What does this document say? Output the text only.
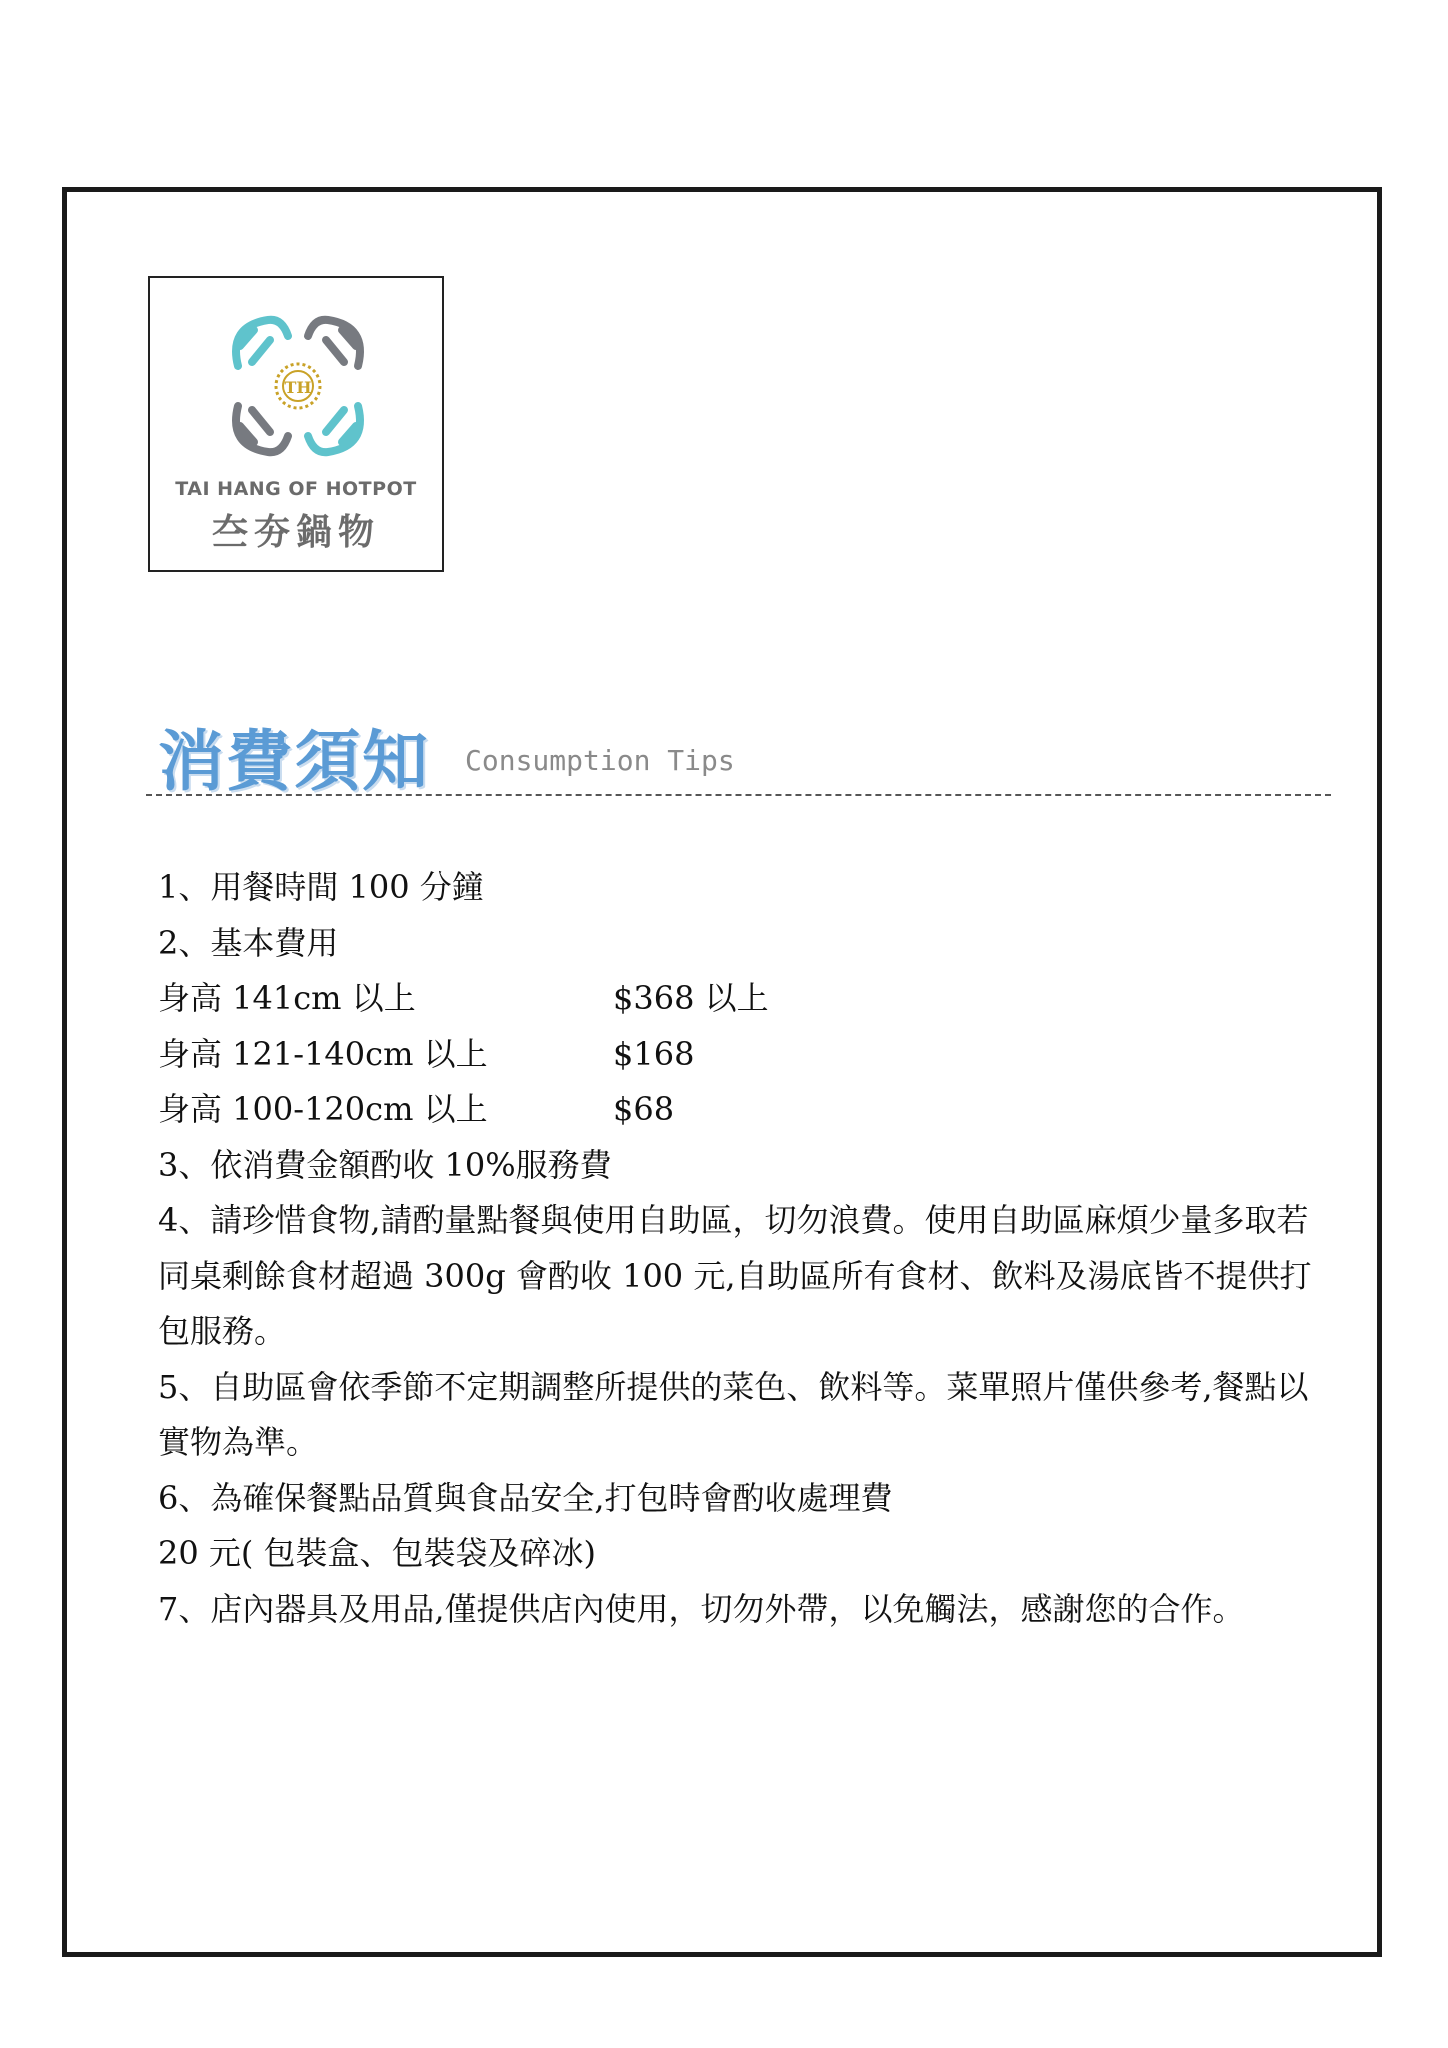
TH
TAI HANG OF HOTPOT
夳夯鍋物
消費須知 Consumption Tips

1、用餐時間 100 分鐘

2、基本費用

身高 141cm 以上	$368 以上
身高 121-140cm 以上	$168
身高 100-120cm 以上	$68

3、依消費金額酌收 10%服務費

4、請珍惜食物,請酌量點餐與使用自助區，切勿浪費。使用自助區麻煩少量多取若同桌剩餘食材超過 300g 會酌收 100 元,自助區所有食材、飲料及湯底皆不提供打包服務。

5、自助區會依季節不定期調整所提供的菜色、飲料等。菜單照片僅供參考,餐點以實物為準。

6、為確保餐點品質與食品安全,打包時會酌收處理費

20 元( 包裝盒、包裝袋及碎冰)

7、店內器具及用品,僅提供店內使用，切勿外帶，以免觸法，感謝您的合作。
